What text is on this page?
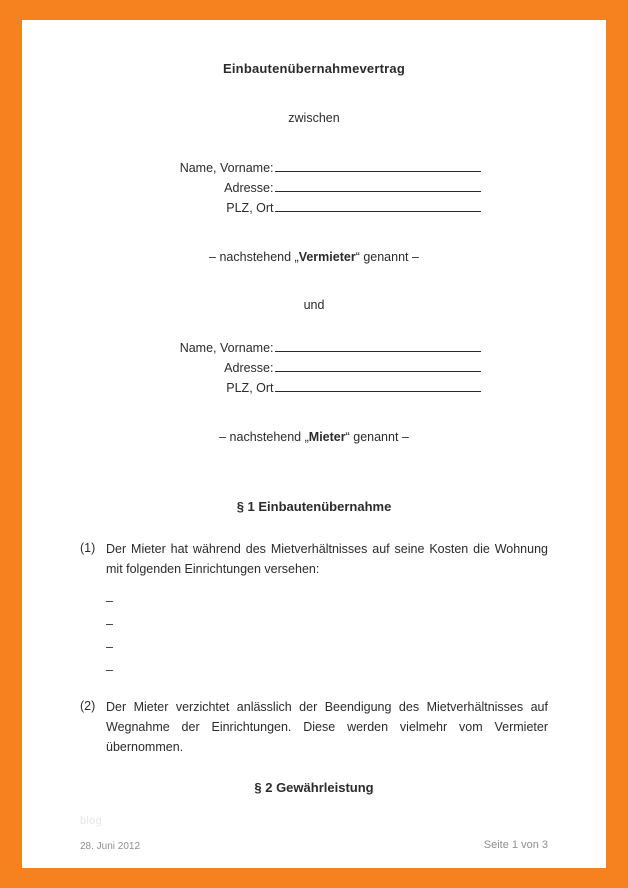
Einbautenübernahmevertrag
zwischen
Name, Vorname:
Adresse:
PLZ, Ort
– nachstehend „Vermieter“ genannt –
und
Name, Vorname:
Adresse:
PLZ, Ort
– nachstehend „Mieter“ genannt –
§ 1 Einbautenübernahme
(1) Der Mieter hat während des Mietverhältnisses auf seine Kosten die Wohnung mit folgenden Einrichtungen versehen:
–
–
–
–
(2) Der Mieter verzichtet anlässlich der Beendigung des Mietverhältnisses auf Wegnahme der Einrichtungen. Diese werden vielmehr vom Vermieter übernommen.
§ 2 Gewährleistung
blog
28. Juni 2012	Seite 1 von 3
